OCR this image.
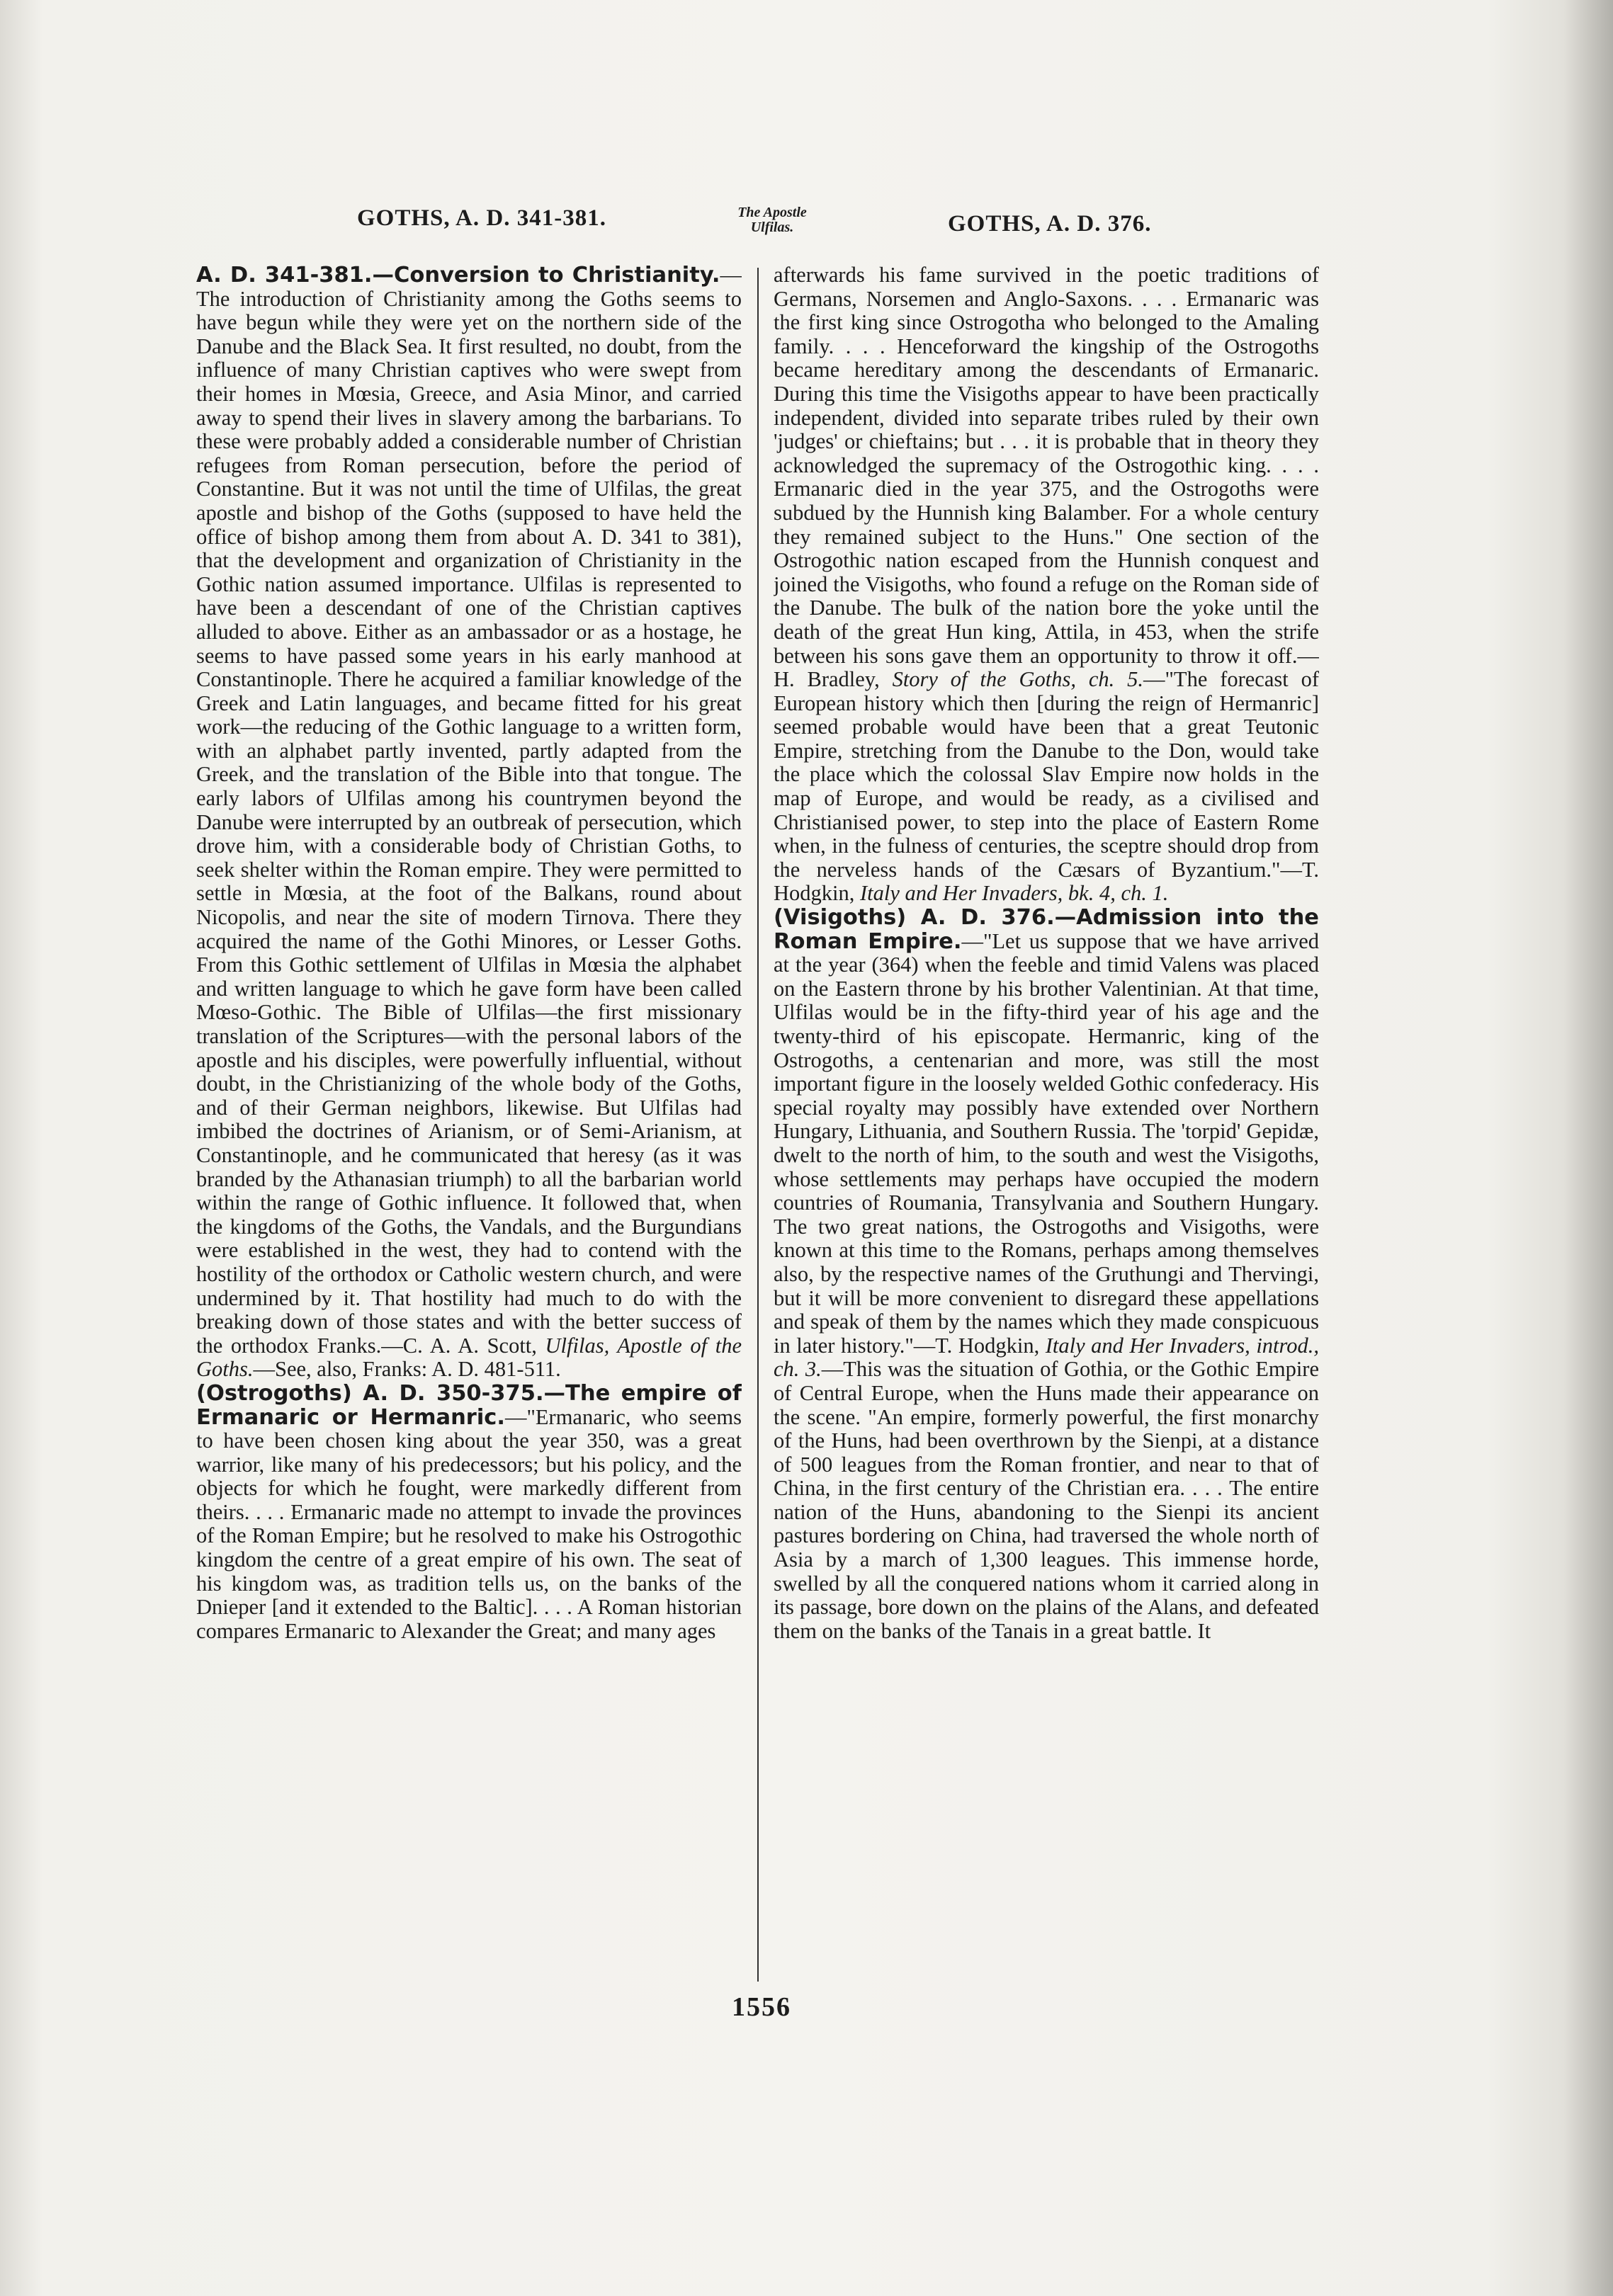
GOTHS, A. D. 341-381.	The Apostle
Ulfilas.	GOTHS, A. D. 376.

A. D. 341-381.—Conversion to Christianity.—The introduction of Christianity among the Goths seems to have begun while they were yet on the northern side of the Danube and the Black Sea. It first resulted, no doubt, from the influence of many Christian captives who were swept from their homes in Mœsia, Greece, and Asia Minor, and carried away to spend their lives in slavery among the barbarians. To these were probably added a considerable number of Christian refugees from Roman persecution, before the period of Constantine. But it was not until the time of Ulfilas, the great apostle and bishop of the Goths (supposed to have held the office of bishop among them from about A. D. 341 to 381), that the development and organization of Christianity in the Gothic nation assumed importance. Ulfilas is represented to have been a descendant of one of the Christian captives alluded to above. Either as an ambassador or as a hostage, he seems to have passed some years in his early manhood at Constantinople. There he acquired a familiar knowledge of the Greek and Latin languages, and became fitted for his great work—the reducing of the Gothic language to a written form, with an alphabet partly invented, partly adapted from the Greek, and the translation of the Bible into that tongue. The early labors of Ulfilas among his countrymen beyond the Danube were interrupted by an outbreak of persecution, which drove him, with a considerable body of Christian Goths, to seek shelter within the Roman empire. They were permitted to settle in Mœsia, at the foot of the Balkans, round about Nicopolis, and near the site of modern Tirnova. There they acquired the name of the Gothi Minores, or Lesser Goths. From this Gothic settlement of Ulfilas in Mœsia the alphabet and written language to which he gave form have been called Mœso-Gothic. The Bible of Ulfilas—the first missionary translation of the Scriptures—with the personal labors of the apostle and his disciples, were powerfully influential, without doubt, in the Christianizing of the whole body of the Goths, and of their German neighbors, likewise. But Ulfilas had imbibed the doctrines of Arianism, or of Semi-Arianism, at Constantinople, and he communicated that heresy (as it was branded by the Athanasian triumph) to all the barbarian world within the range of Gothic influence. It followed that, when the kingdoms of the Goths, the Vandals, and the Burgundians were established in the west, they had to contend with the hostility of the orthodox or Catholic western church, and were undermined by it. That hostility had much to do with the breaking down of those states and with the better success of the orthodox Franks.—C. A. A. Scott, Ulfilas, Apostle of the Goths.—See, also, Franks: A. D. 481-511.

(Ostrogoths) A. D. 350-375.—The empire of Ermanaric or Hermanric.—"Ermanaric, who seems to have been chosen king about the year 350, was a great warrior, like many of his predecessors; but his policy, and the objects for which he fought, were markedly different from theirs. . . . Ermanaric made no attempt to invade the provinces of the Roman Empire; but he resolved to make his Ostrogothic kingdom the centre of a great empire of his own. The seat of his kingdom was, as tradition tells us, on the banks of the Dnieper [and it extended to the Baltic]. . . . A Roman historian compares Ermanaric to Alexander the Great; and many ages

afterwards his fame survived in the poetic traditions of Germans, Norsemen and Anglo-Saxons. . . . Ermanaric was the first king since Ostrogotha who belonged to the Amaling family. . . . Henceforward the kingship of the Ostrogoths became hereditary among the descendants of Ermanaric. During this time the Visigoths appear to have been practically independent, divided into separate tribes ruled by their own 'judges' or chieftains; but . . . it is probable that in theory they acknowledged the supremacy of the Ostrogothic king. . . . Ermanaric died in the year 375, and the Ostrogoths were subdued by the Hunnish king Balamber. For a whole century they remained subject to the Huns." One section of the Ostrogothic nation escaped from the Hunnish conquest and joined the Visigoths, who found a refuge on the Roman side of the Danube. The bulk of the nation bore the yoke until the death of the great Hun king, Attila, in 453, when the strife between his sons gave them an opportunity to throw it off.—H. Bradley, Story of the Goths, ch. 5.—"The forecast of European history which then [during the reign of Hermanric] seemed probable would have been that a great Teutonic Empire, stretching from the Danube to the Don, would take the place which the colossal Slav Empire now holds in the map of Europe, and would be ready, as a civilised and Christianised power, to step into the place of Eastern Rome when, in the fulness of centuries, the sceptre should drop from the nerveless hands of the Cæsars of Byzantium."—T. Hodgkin, Italy and Her Invaders, bk. 4, ch. 1.

(Visigoths) A. D. 376.—Admission into the Roman Empire.—"Let us suppose that we have arrived at the year (364) when the feeble and timid Valens was placed on the Eastern throne by his brother Valentinian. At that time, Ulfilas would be in the fifty-third year of his age and the twenty-third of his episcopate. Hermanric, king of the Ostrogoths, a centenarian and more, was still the most important figure in the loosely welded Gothic confederacy. His special royalty may possibly have extended over Northern Hungary, Lithuania, and Southern Russia. The 'torpid' Gepidæ, dwelt to the north of him, to the south and west the Visigoths, whose settlements may perhaps have occupied the modern countries of Roumania, Transylvania and Southern Hungary. The two great nations, the Ostrogoths and Visigoths, were known at this time to the Romans, perhaps among themselves also, by the respective names of the Gruthungi and Thervingi, but it will be more convenient to disregard these appellations and speak of them by the names which they made conspicuous in later history."—T. Hodgkin, Italy and Her Invaders, introd., ch. 3.—This was the situation of Gothia, or the Gothic Empire of Central Europe, when the Huns made their appearance on the scene. "An empire, formerly powerful, the first monarchy of the Huns, had been overthrown by the Sienpi, at a distance of 500 leagues from the Roman frontier, and near to that of China, in the first century of the Christian era. . . . The entire nation of the Huns, abandoning to the Sienpi its ancient pastures bordering on China, had traversed the whole north of Asia by a march of 1,300 leagues. This immense horde, swelled by all the conquered nations whom it carried along in its passage, bore down on the plains of the Alans, and defeated them on the banks of the Tanais in a great battle. It

1556
